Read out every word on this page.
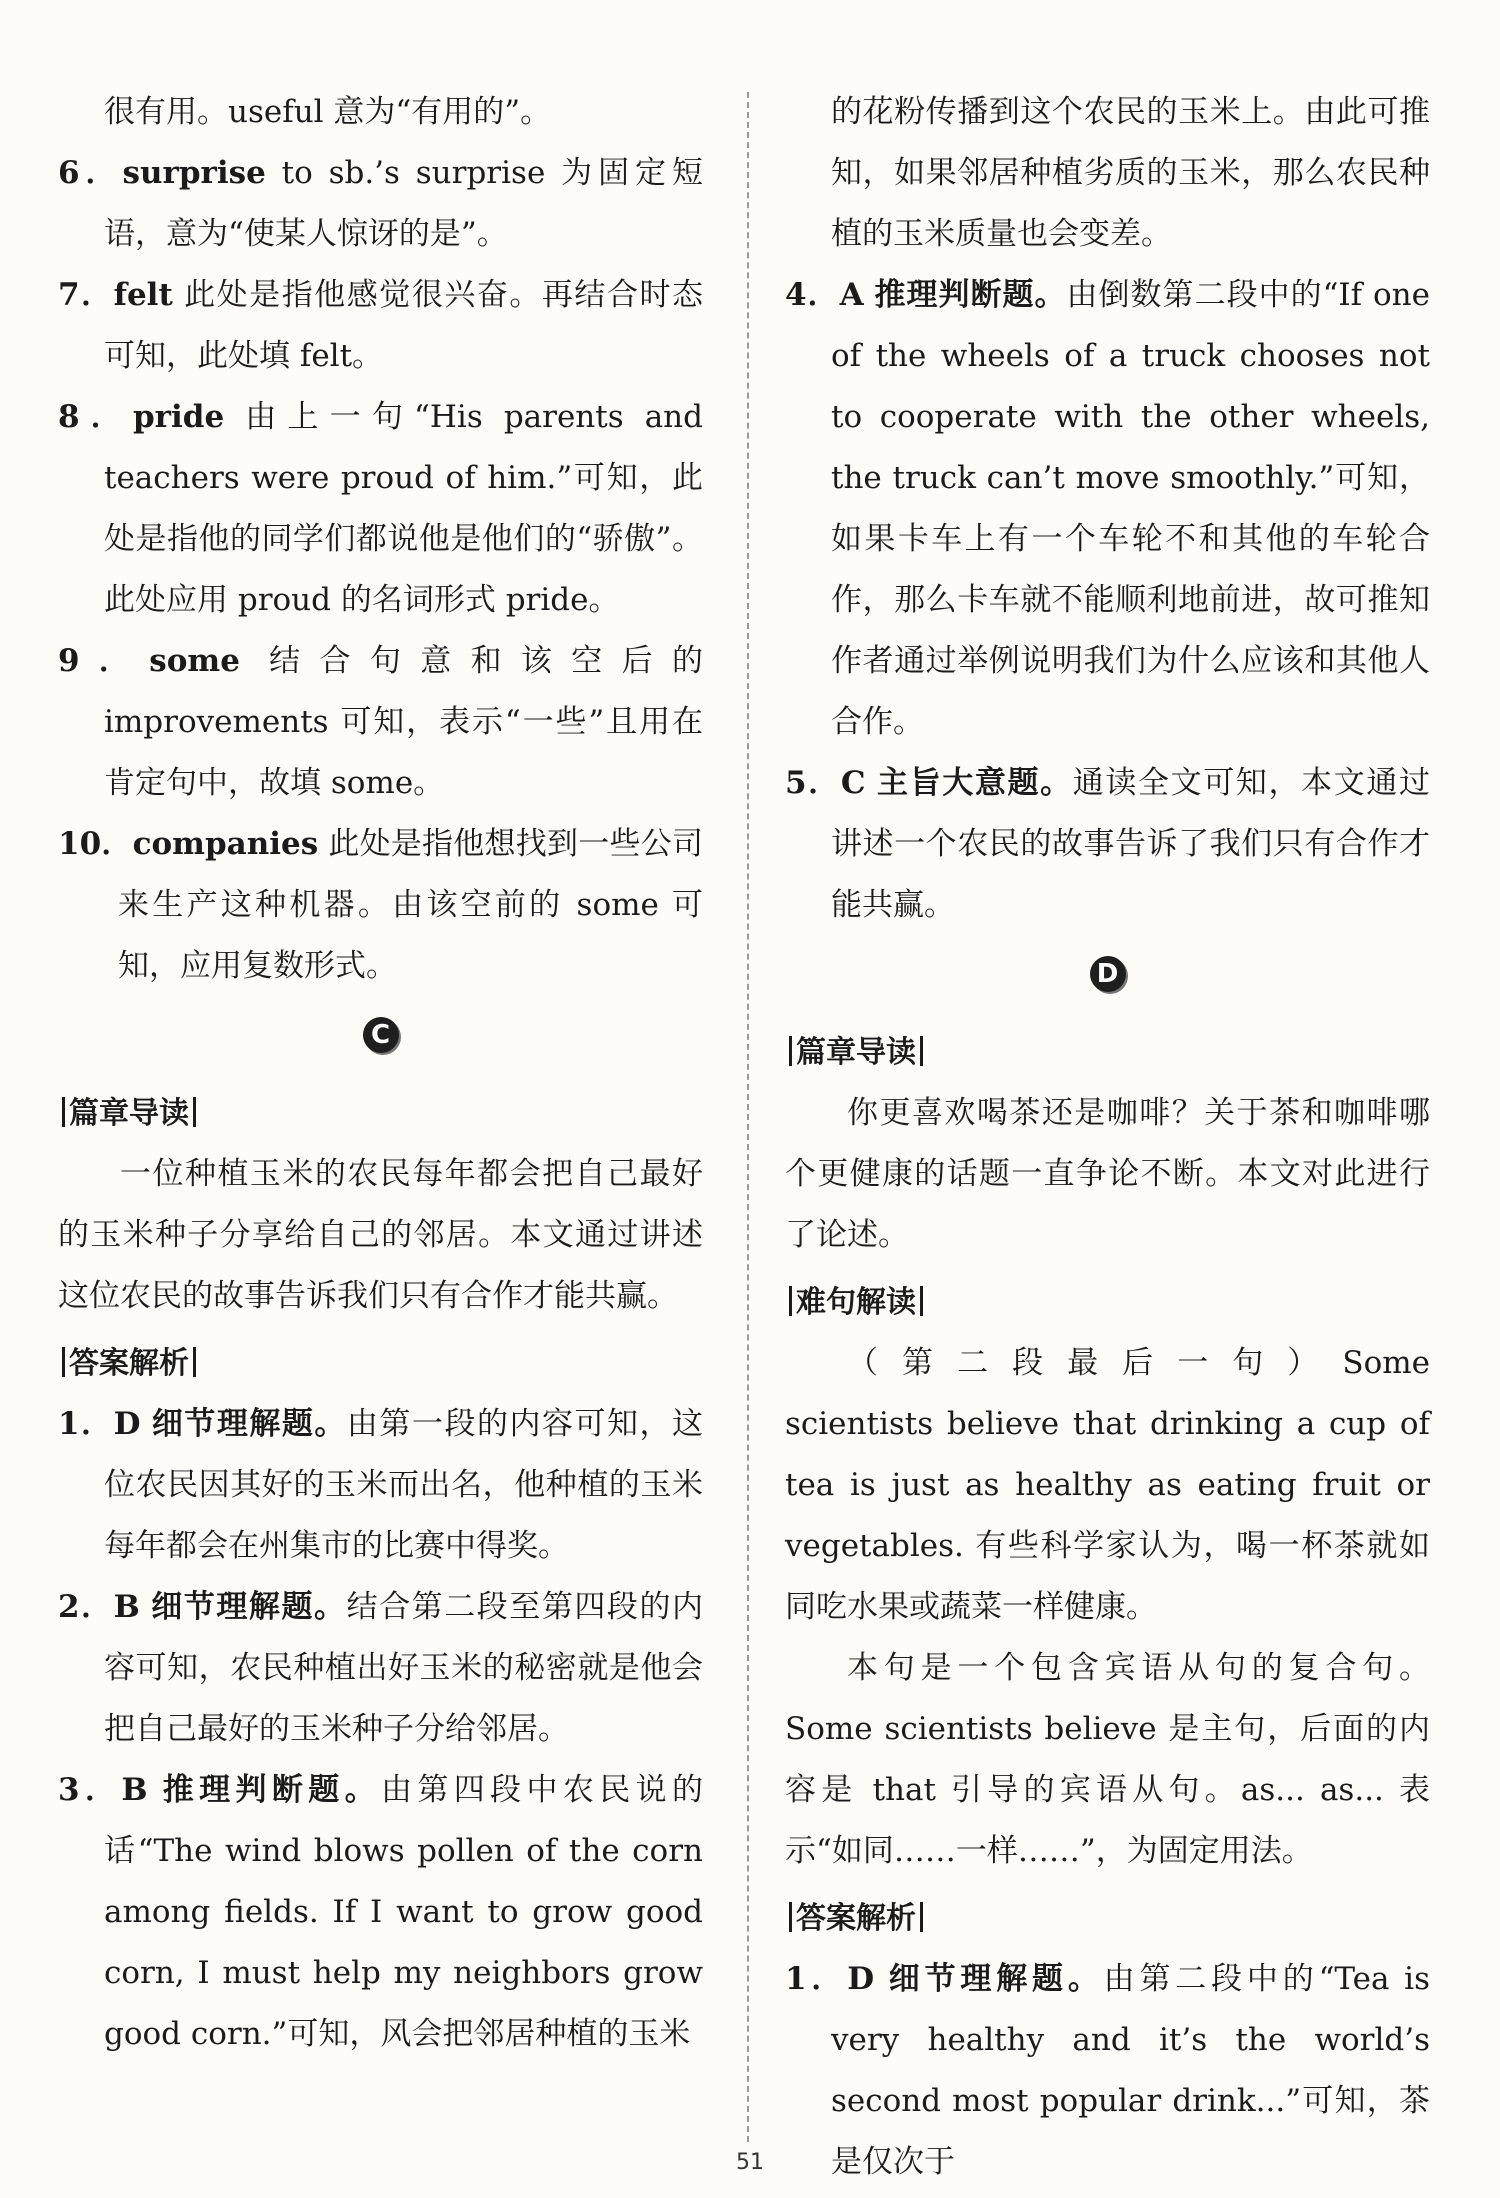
很有用。useful 意为“有用的”。
6．surprise to sb.’s surprise 为固定短语，意为“使某人惊讶的是”。
7．felt 此处是指他感觉很兴奋。再结合时态可知，此处填 felt。
8．pride 由上一句“His parents and teachers were proud of him.”可知，此处是指他的同学们都说他是他们的“骄傲”。此处应用 proud 的名词形式 pride。
9．some 结合句意和该空后的 improvements 可知，表示“一些”且用在肯定句中，故填 some。
10．companies 此处是指他想找到一些公司来生产这种机器。由该空前的 some 可知，应用复数形式。
C
篇章导读
一位种植玉米的农民每年都会把自己最好的玉米种子分享给自己的邻居。本文通过讲述这位农民的故事告诉我们只有合作才能共赢。
答案解析
1．D 细节理解题。由第一段的内容可知，这位农民因其好的玉米而出名，他种植的玉米每年都会在州集市的比赛中得奖。
2．B 细节理解题。结合第二段至第四段的内容可知，农民种植出好玉米的秘密就是他会把自己最好的玉米种子分给邻居。
3．B 推理判断题。由第四段中农民说的话“The wind blows pollen of the corn among fields. If I want to grow good corn, I must help my neighbors grow good corn.”可知，风会把邻居种植的玉米
的花粉传播到这个农民的玉米上。由此可推知，如果邻居种植劣质的玉米，那么农民种植的玉米质量也会变差。
4．A 推理判断题。由倒数第二段中的“If one of the wheels of a truck chooses not to cooperate with the other wheels, the truck can’t move smoothly.”可知，如果卡车上有一个车轮不和其他的车轮合作，那么卡车就不能顺利地前进，故可推知作者通过举例说明我们为什么应该和其他人合作。
5．C 主旨大意题。通读全文可知，本文通过讲述一个农民的故事告诉了我们只有合作才能共赢。
D
篇章导读
你更喜欢喝茶还是咖啡？关于茶和咖啡哪个更健康的话题一直争论不断。本文对此进行了论述。
难句解读
（第二段最后一句）Some scientists believe that drinking a cup of tea is just as healthy as eating fruit or vegetables. 有些科学家认为，喝一杯茶就如同吃水果或蔬菜一样健康。
本句是一个包含宾语从句的复合句。Some scientists believe 是主句，后面的内容是 that 引导的宾语从句。as... as... 表示“如同……一样……”，为固定用法。
答案解析
1．D 细节理解题。由第二段中的“Tea is very healthy and it’s the world’s second most popular drink...”可知，茶是仅次于
51
